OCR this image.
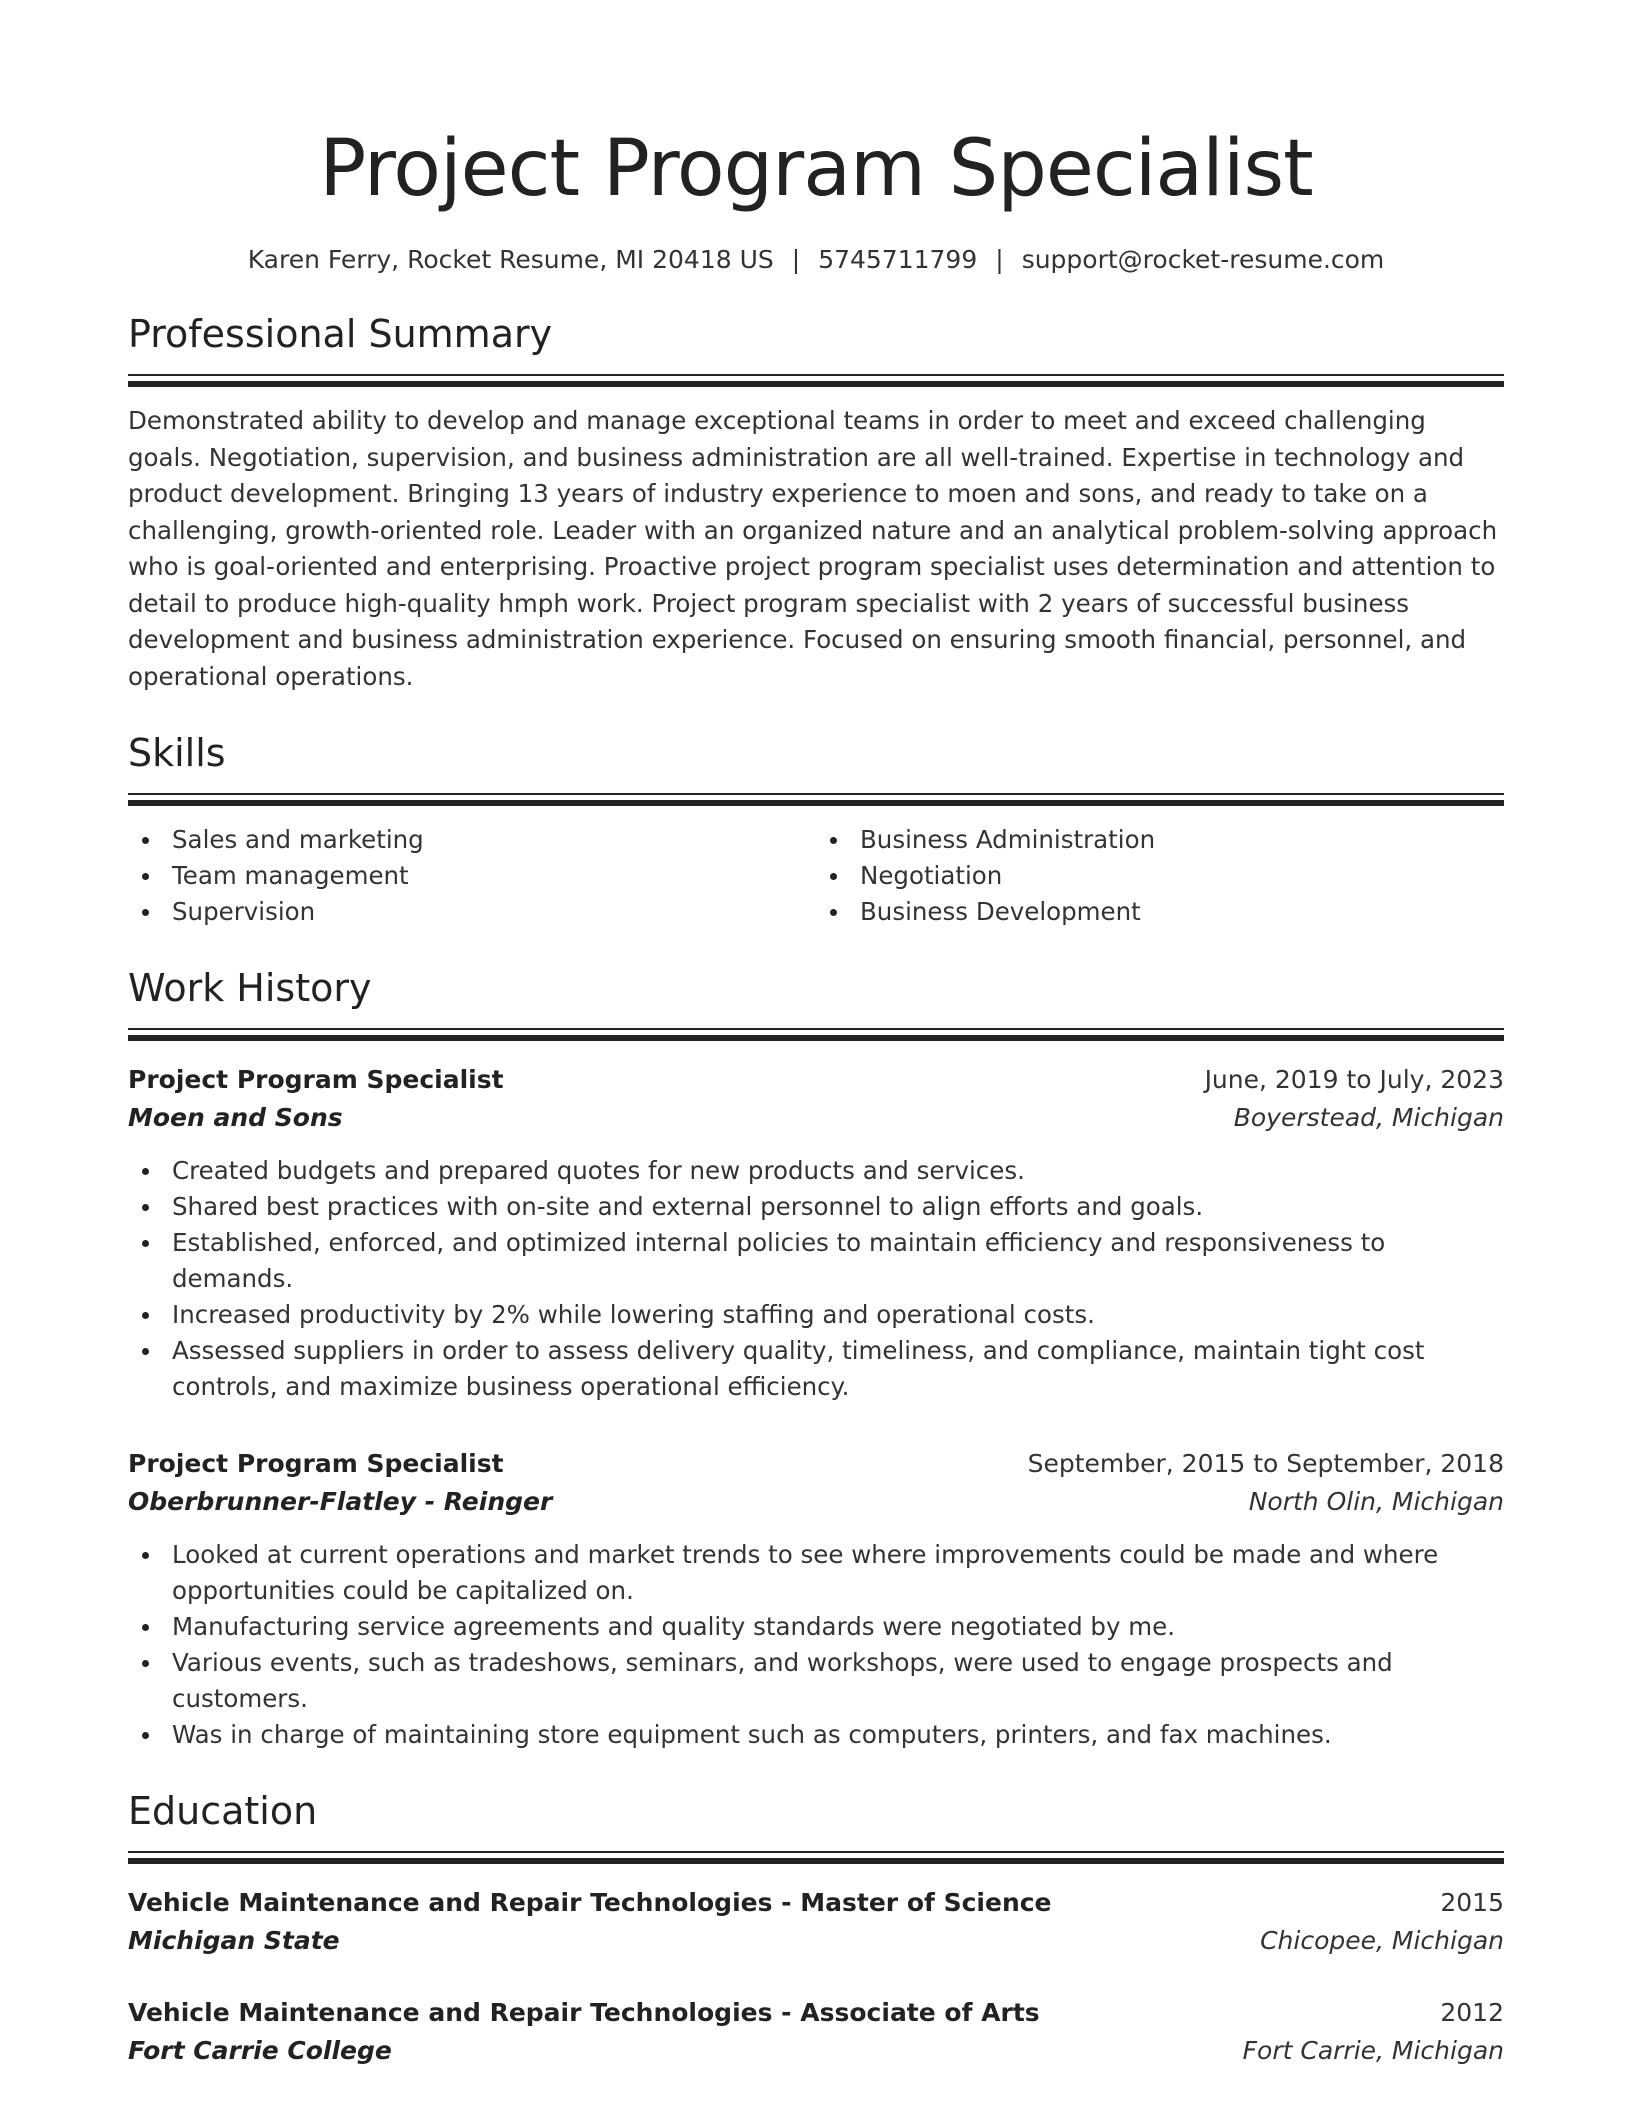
Project Program Specialist
Karen Ferry, Rocket Resume, MI 20418 US | 5745711799 | support@rocket-resume.com
Professional Summary

Demonstrated ability to develop and manage exceptional teams in order to meet and exceed challenging goals. Negotiation, supervision, and business administration are all well-trained. Expertise in technology and product development. Bringing 13 years of industry experience to moen and sons, and ready to take on a challenging, growth-oriented role. Leader with an organized nature and an analytical problem-solving approach who is goal-oriented and enterprising. Proactive project program specialist uses determination and attention to detail to produce high-quality hmph work. Project program specialist with 2 years of successful business development and business administration experience. Focused on ensuring smooth financial, personnel, and operational operations.

Skills
Sales and marketing
Team management
Supervision
Business Administration
Negotiation
Business Development
Work History
Project Program Specialist	June, 2019 to July, 2023
Moen and Sons	Boyerstead, Michigan
Created budgets and prepared quotes for new products and services.
Shared best practices with on-site and external personnel to align efforts and goals.
Established, enforced, and optimized internal policies to maintain efficiency and responsiveness to demands.
Increased productivity by 2% while lowering staffing and operational costs.
Assessed suppliers in order to assess delivery quality, timeliness, and compliance, maintain tight cost controls, and maximize business operational efficiency.
Project Program Specialist	September, 2015 to September, 2018
Oberbrunner-Flatley - Reinger	North Olin, Michigan
Looked at current operations and market trends to see where improvements could be made and where opportunities could be capitalized on.
Manufacturing service agreements and quality standards were negotiated by me.
Various events, such as tradeshows, seminars, and workshops, were used to engage prospects and customers.
Was in charge of maintaining store equipment such as computers, printers, and fax machines.
Education
Vehicle Maintenance and Repair Technologies - Master of Science	2015
Michigan State	Chicopee, Michigan
Vehicle Maintenance and Repair Technologies - Associate of Arts	2012
Fort Carrie College	Fort Carrie, Michigan
